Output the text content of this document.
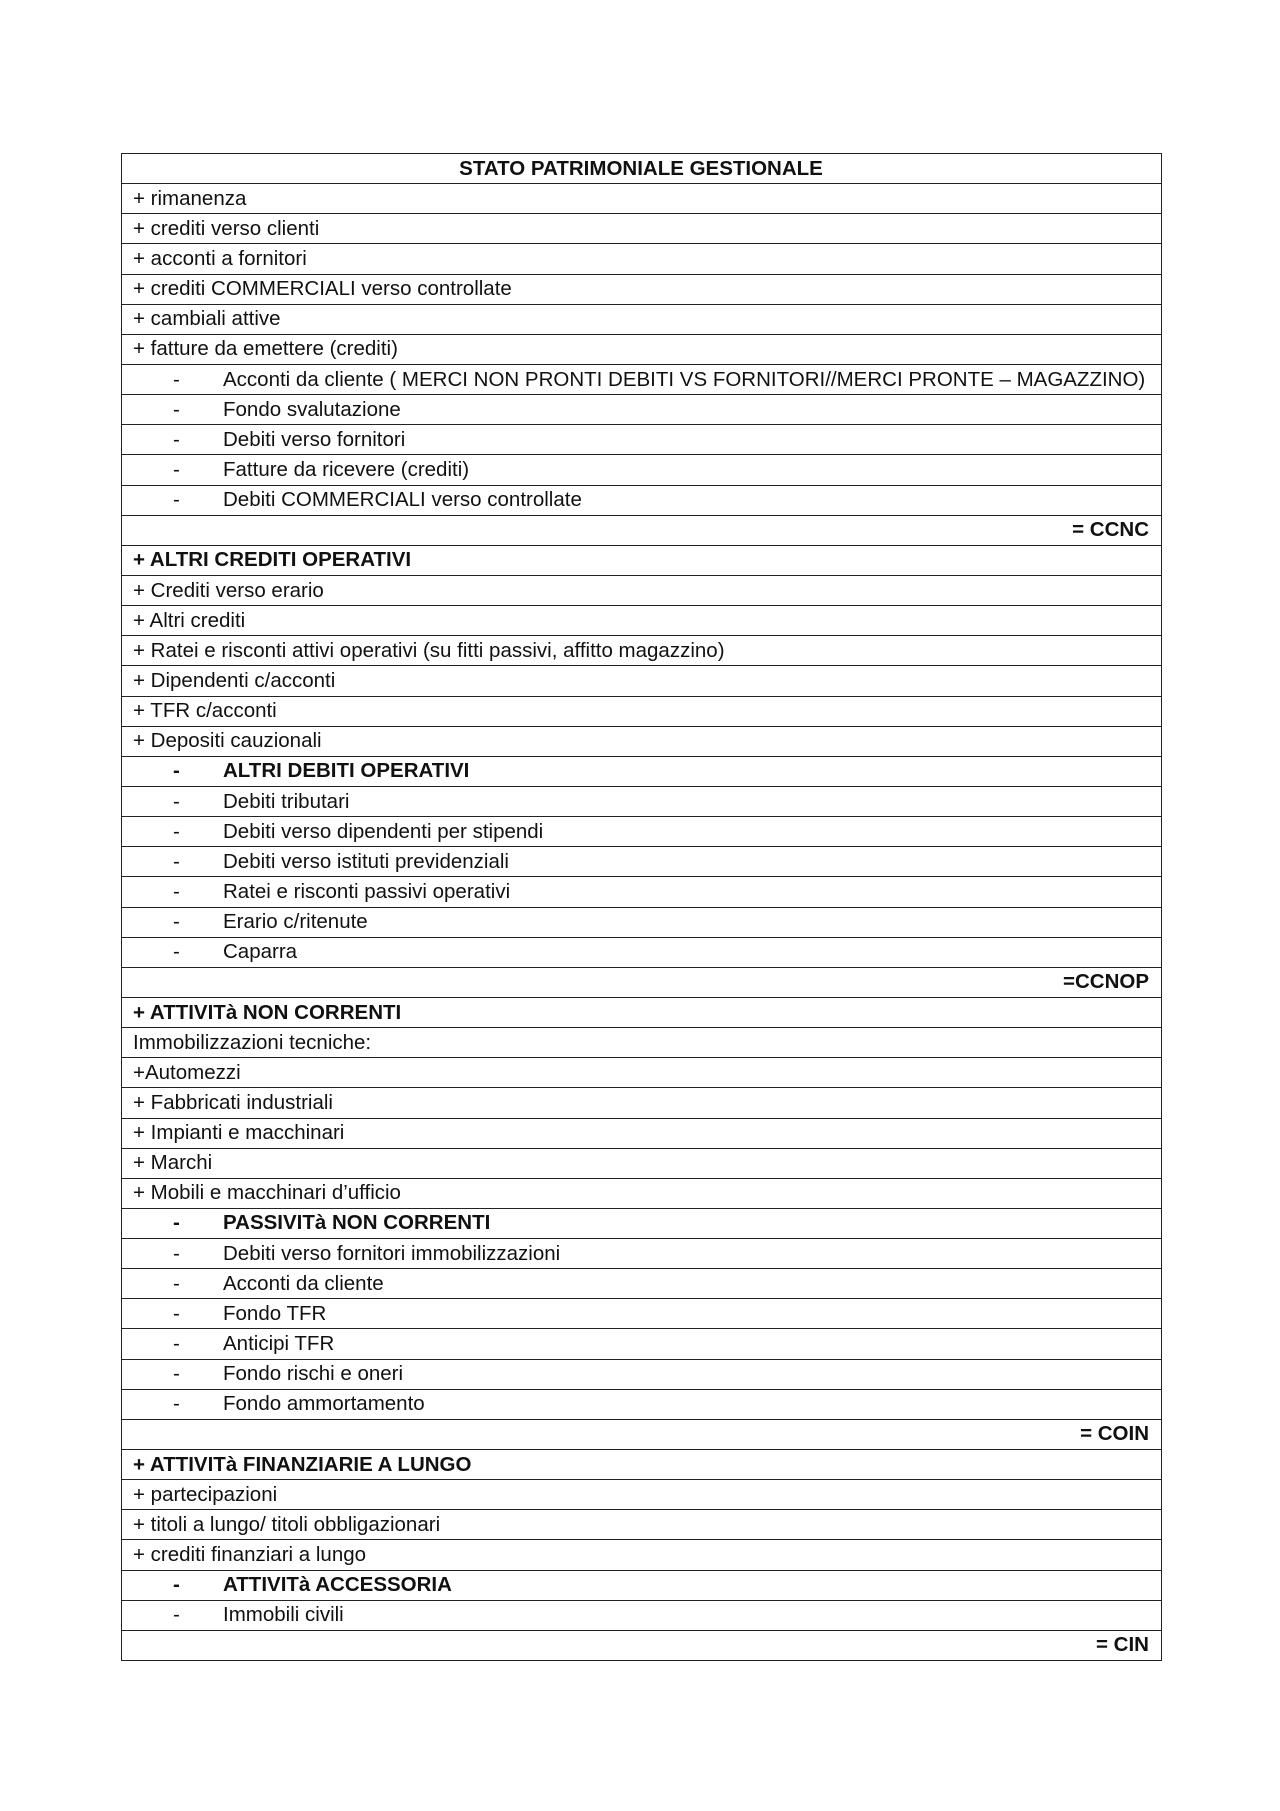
STATO PATRIMONIALE GESTIONALE
+ rimanenza
+ crediti verso clienti
+ acconti a fornitori
+ crediti COMMERCIALI verso controllate
+ cambiali attive
+ fatture da emettere (crediti)
- Acconti da cliente ( MERCI NON PRONTI DEBITI VS FORNITORI//MERCI PRONTE – MAGAZZINO)
- Fondo svalutazione
- Debiti verso fornitori
- Fatture da ricevere (crediti)
- Debiti COMMERCIALI verso controllate
= CCNC
+ ALTRI CREDITI OPERATIVI
+ Crediti verso erario
+ Altri crediti
+ Ratei e risconti attivi operativi (su fitti passivi, affitto magazzino)
+ Dipendenti c/acconti
+ TFR c/acconti
+ Depositi cauzionali
- ALTRI DEBITI OPERATIVI
- Debiti tributari
- Debiti verso dipendenti per stipendi
- Debiti verso istituti previdenziali
- Ratei e risconti passivi operativi
- Erario c/ritenute
- Caparra
=CCNOP
+ ATTIVITà NON CORRENTI
Immobilizzazioni tecniche:
+Automezzi
+ Fabbricati industriali
+ Impianti e macchinari
+ Marchi
+ Mobili e macchinari d’ufficio
- PASSIVITà NON CORRENTI
- Debiti verso fornitori immobilizzazioni
- Acconti da cliente
- Fondo TFR
- Anticipi TFR
- Fondo rischi e oneri
- Fondo ammortamento
= COIN
+ ATTIVITà FINANZIARIE A LUNGO
+ partecipazioni
+ titoli a lungo/ titoli obbligazionari
+ crediti finanziari a lungo
- ATTIVITà ACCESSORIA
- Immobili civili
= CIN
